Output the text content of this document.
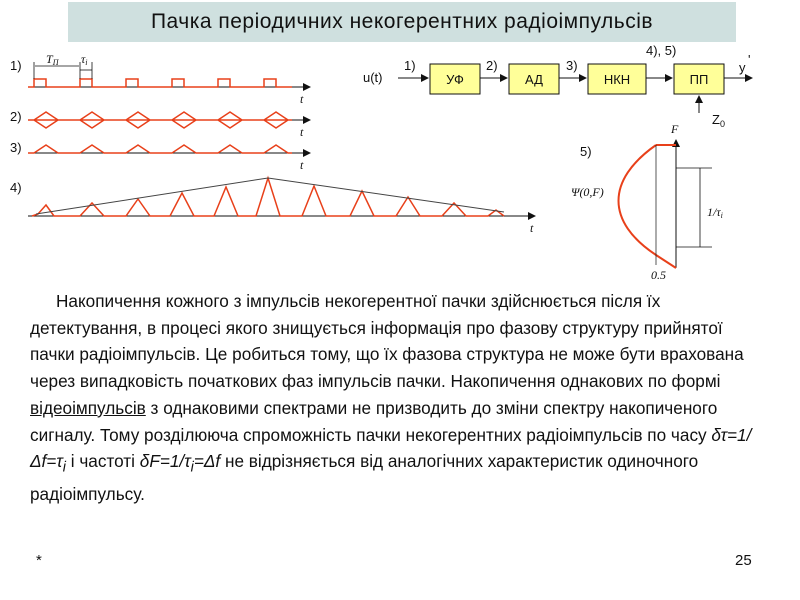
Пачка періодичних некогерентних радіоімпульсів
1) TП τі
t
2)
t
3)
t
4)
t
u(t)
1)
УФ
2)
АД
3)
НКН
4), 5)
ПП
y
'
$Z_0$
5)
F
Ψ(0,F)
1/τі
0.5
Накопичення кожного з імпульсів некогерентної пачки здійснюється після їх детектування, в процесі якого знищується інформація про фазову структуру прийнятої пачки радіоімпульсів. Це робиться тому, що їх фазова структура не може бути врахована через випадковість початкових фаз імпульсів пачки. Накопичення однакових по формі відеоімпульсів з однаковими спектрами не призводить до зміни спектру накопиченого сигналу. Тому розділююча спроможність пачки некогерентних радіоімпульсів по часу $\delta\tau=1/\Delta f=\tau_і$ і частоті $\delta F=1/\tau_і=\Delta f$ не відрізняється від аналогічних характеристик одиночного радіоімпульсу.
*	25
